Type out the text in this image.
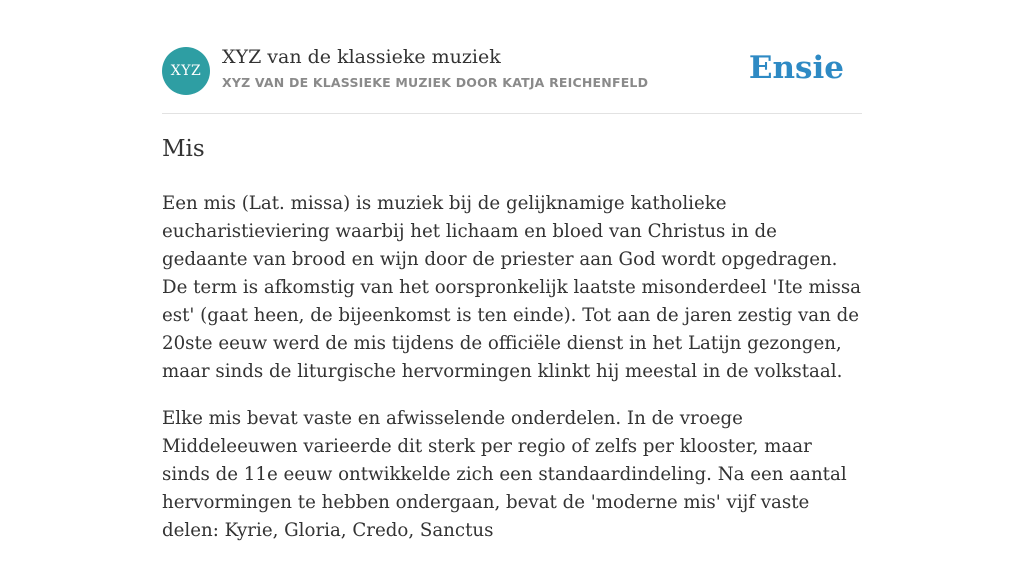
XYZ
XYZ van de klassieke muziek
XYZ VAN DE KLASSIEKE MUZIEK DOOR KATJA REICHENFELD	Ensie
Mis

Een mis (Lat. missa) is muziek bij de gelijknamige katholieke eucharistieviering waarbij het lichaam en bloed van Christus in de gedaante van brood en wijn door de priester aan God wordt opgedragen. De term is afkomstig van het oorspronkelijk laatste misonderdeel 'Ite missa est' (gaat heen, de bijeenkomst is ten einde). Tot aan de jaren zestig van de 20ste eeuw werd de mis tijdens de officiële dienst in het Latijn gezongen, maar sinds de liturgische hervormingen klinkt hij meestal in de volkstaal.

Elke mis bevat vaste en afwisselende onderdelen. In de vroege Middeleeuwen varieerde dit sterk per regio of zelfs per klooster, maar sinds de 11e eeuw ontwikkelde zich een standaardindeling. Na een aantal hervormingen te hebben ondergaan, bevat de 'moderne mis' vijf vaste delen: Kyrie, Gloria, Credo, Sanctus
